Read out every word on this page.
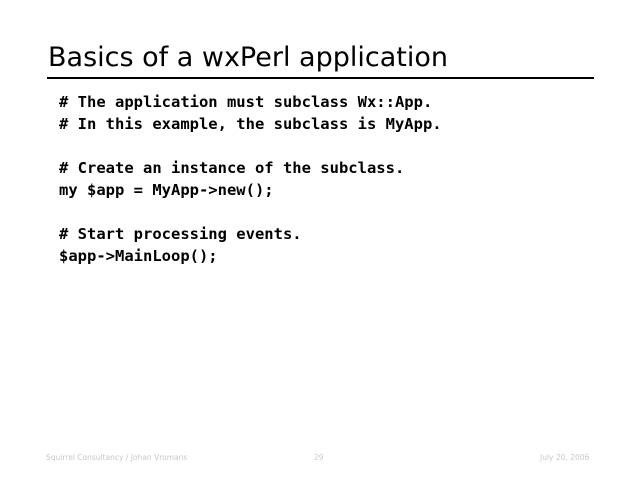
Basics of a wxPerl application
# The application must subclass Wx::App.
# In this example, the subclass is MyApp.
# Create an instance of the subclass.
my $app = MyApp->new();
# Start processing events.
$app->MainLoop();
Squirrel Consultancy / Johan Vromans	29	July 20, 2006
